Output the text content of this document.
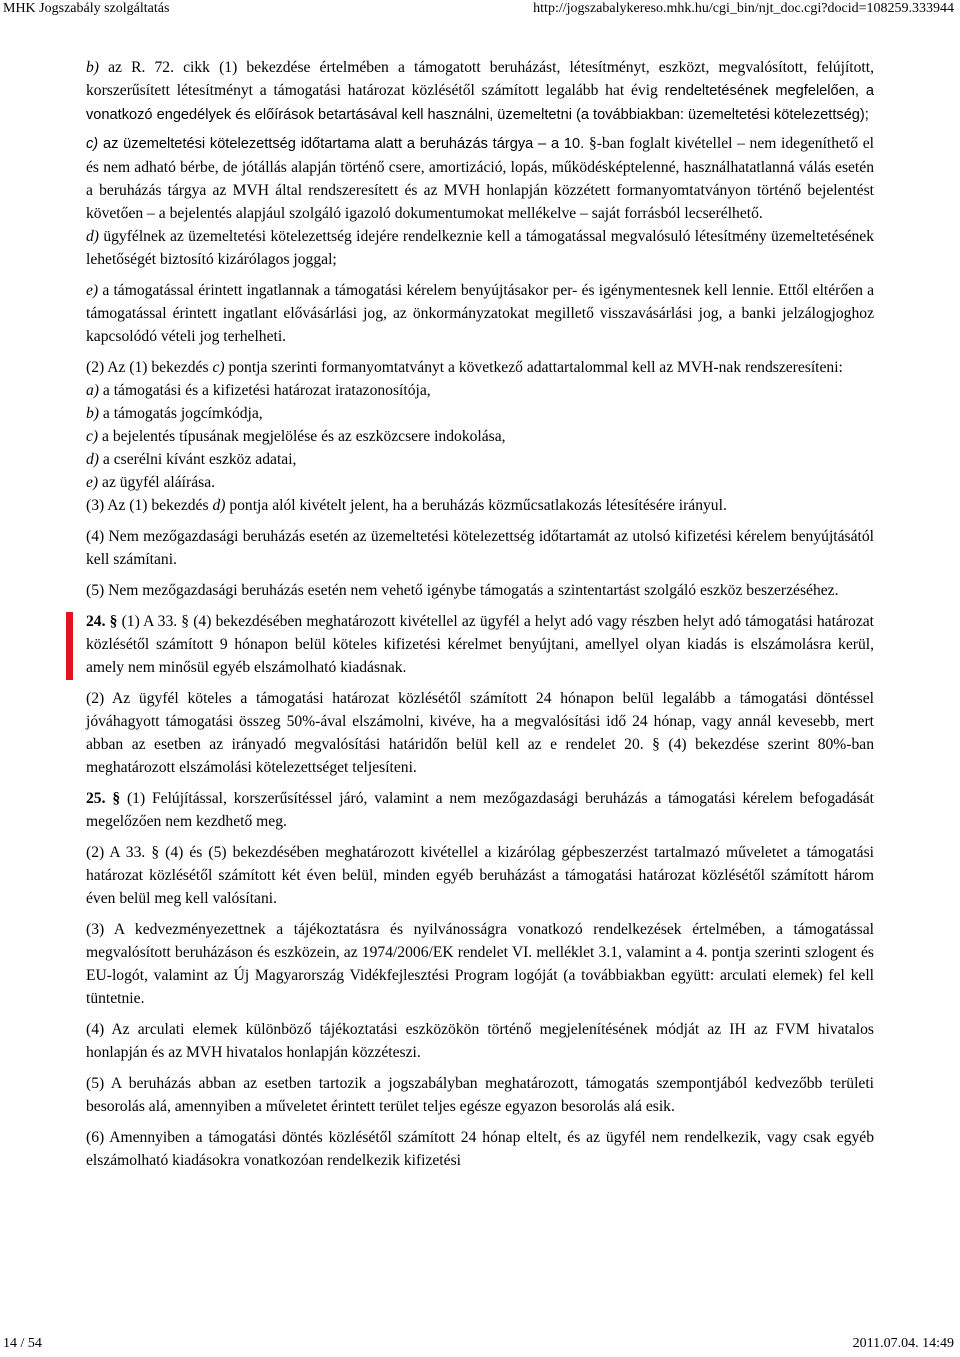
MHK Jogszabály szolgáltatás	http://jogszabalykereso.mhk.hu/cgi_bin/njt_doc.cgi?docid=108259.333944

b) az R. 72. cikk (1) bekezdése értelmében a támogatott beruházást, létesítményt, eszközt, megvalósított, felújított, korszerűsített létesítményt a támogatási határozat közlésétől számított legalább hat évig rendeltetésének megfelelően, a vonatkozó engedélyek és előírások betartásával kell használni, üzemeltetni (a továbbiakban: üzemeltetési kötelezettség);

c) az üzemeltetési kötelezettség időtartama alatt a beruházás tárgya – a 10. §-ban foglalt kivétellel – nem idegeníthető el és nem adható bérbe, de jótállás alapján történő csere, amortizáció, lopás, működésképtelenné, használhatatlanná válás esetén a beruházás tárgya az MVH által rendszeresített és az MVH honlapján közzétett formanyomtatványon történő bejelentést követően – a bejelentés alapjául szolgáló igazoló dokumentumokat mellékelve – saját forrásból lecserélhető.

d) ügyfélnek az üzemeltetési kötelezettség idejére rendelkeznie kell a támogatással megvalósuló létesítmény üzemeltetésének lehetőségét biztosító kizárólagos joggal;

e) a támogatással érintett ingatlannak a támogatási kérelem benyújtásakor per- és igénymentesnek kell lennie. Ettől eltérően a támogatással érintett ingatlant elővásárlási jog, az önkormányzatokat megillető visszavásárlási jog, a banki jelzálogjoghoz kapcsolódó vételi jog terhelheti.

(2) Az (1) bekezdés c) pontja szerinti formanyomtatványt a következő adattartalommal kell az MVH-nak rendszeresíteni:

a) a támogatási és a kifizetési határozat iratazonosítója,

b) a támogatás jogcímkódja,

c) a bejelentés típusának megjelölése és az eszközcsere indokolása,

d) a cserélni kívánt eszköz adatai,

e) az ügyfél aláírása.

(3) Az (1) bekezdés d) pontja alól kivételt jelent, ha a beruházás közműcsatlakozás létesítésére irányul.

(4) Nem mezőgazdasági beruházás esetén az üzemeltetési kötelezettség időtartamát az utolsó kifizetési kérelem benyújtásától kell számítani.

(5) Nem mezőgazdasági beruházás esetén nem vehető igénybe támogatás a szintentartást szolgáló eszköz beszerzéséhez.

24. § (1) A 33. § (4) bekezdésében meghatározott kivétellel az ügyfél a helyt adó vagy részben helyt adó támogatási határozat közlésétől számított 9 hónapon belül köteles kifizetési kérelmet benyújtani, amellyel olyan kiadás is elszámolásra kerül, amely nem minősül egyéb elszámolható kiadásnak.

(2) Az ügyfél köteles a támogatási határozat közlésétől számított 24 hónapon belül legalább a támogatási döntéssel jóváhagyott támogatási összeg 50%-ával elszámolni, kivéve, ha a megvalósítási idő 24 hónap, vagy annál kevesebb, mert abban az esetben az irányadó megvalósítási határidőn belül kell az e rendelet 20. § (4) bekezdése szerint 80%-ban meghatározott elszámolási kötelezettséget teljesíteni.

25. § (1) Felújítással, korszerűsítéssel járó, valamint a nem mezőgazdasági beruházás a támogatási kérelem befogadását megelőzően nem kezdhető meg.

(2) A 33. § (4) és (5) bekezdésében meghatározott kivétellel a kizárólag gépbeszerzést tartalmazó műveletet a támogatási határozat közlésétől számított két éven belül, minden egyéb beruházást a támogatási határozat közlésétől számított három éven belül meg kell valósítani.

(3) A kedvezményezettnek a tájékoztatásra és nyilvánosságra vonatkozó rendelkezések értelmében, a támogatással megvalósított beruházáson és eszközein, az 1974/2006/EK rendelet VI. melléklet 3.1, valamint a 4. pontja szerinti szlogent és EU-logót, valamint az Új Magyarország Vidékfejlesztési Program logóját (a továbbiakban együtt: arculati elemek) fel kell tüntetnie.

(4) Az arculati elemek különböző tájékoztatási eszközökön történő megjelenítésének módját az IH az FVM hivatalos honlapján és az MVH hivatalos honlapján közzéteszi.

(5) A beruházás abban az esetben tartozik a jogszabályban meghatározott, támogatás szempontjából kedvezőbb területi besorolás alá, amennyiben a műveletet érintett terület teljes egésze egyazon besorolás alá esik.

(6) Amennyiben a támogatási döntés közlésétől számított 24 hónap eltelt, és az ügyfél nem rendelkezik, vagy csak egyéb elszámolható kiadásokra vonatkozóan rendelkezik kifizetési

14 / 54	2011.07.04. 14:49
